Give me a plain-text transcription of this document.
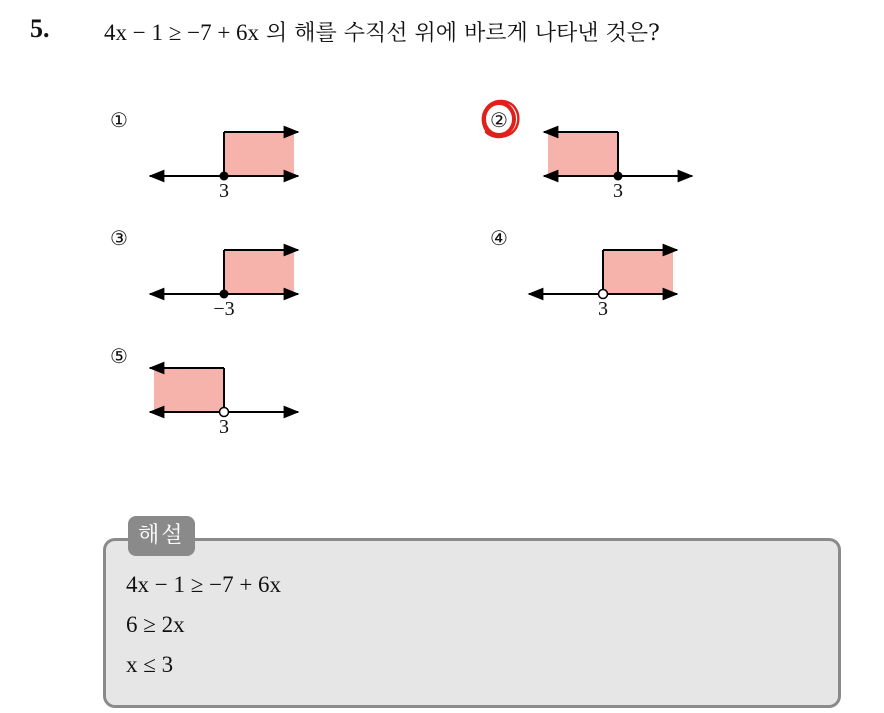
5. 4x − 1 ≥ −7 + 6x 의 해를 수직선 위에 바르게 나타낸 것은?
①	②
③	④
⑤
3	3
−3	3
3
해설
4x − 1 ≥ −7 + 6x
6 ≥ 2x
x ≤ 3
